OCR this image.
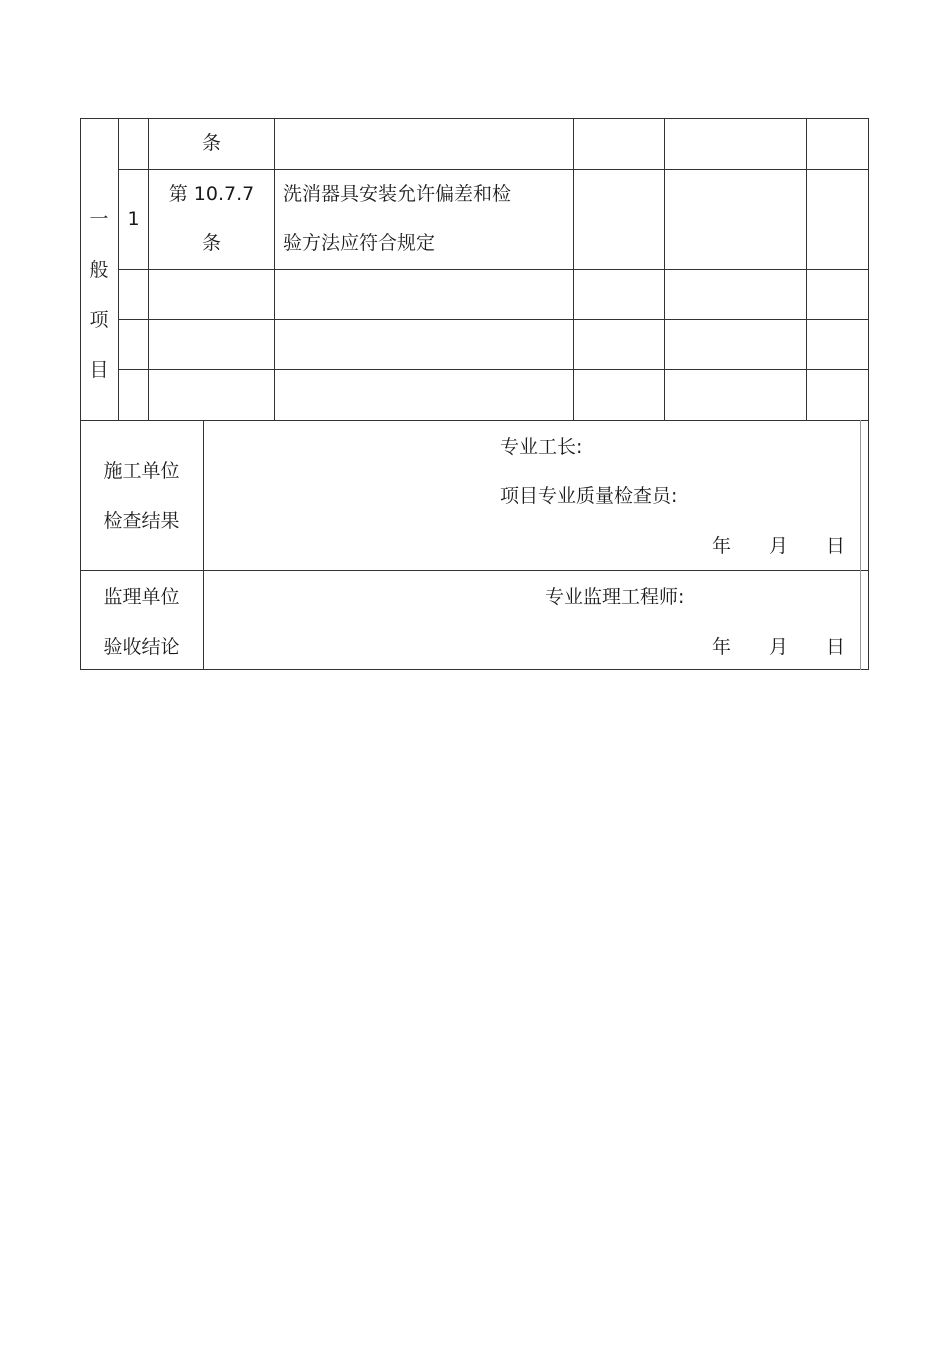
条
一
般
项
目
1
第 10.7.7
条
洗消器具安装允许偏差和检
验方法应符合规定
施工单位
检查结果
专业工长:
项目专业质量检查员:
年 月 日
监理单位
验收结论
专业监理工程师:
年 月 日
